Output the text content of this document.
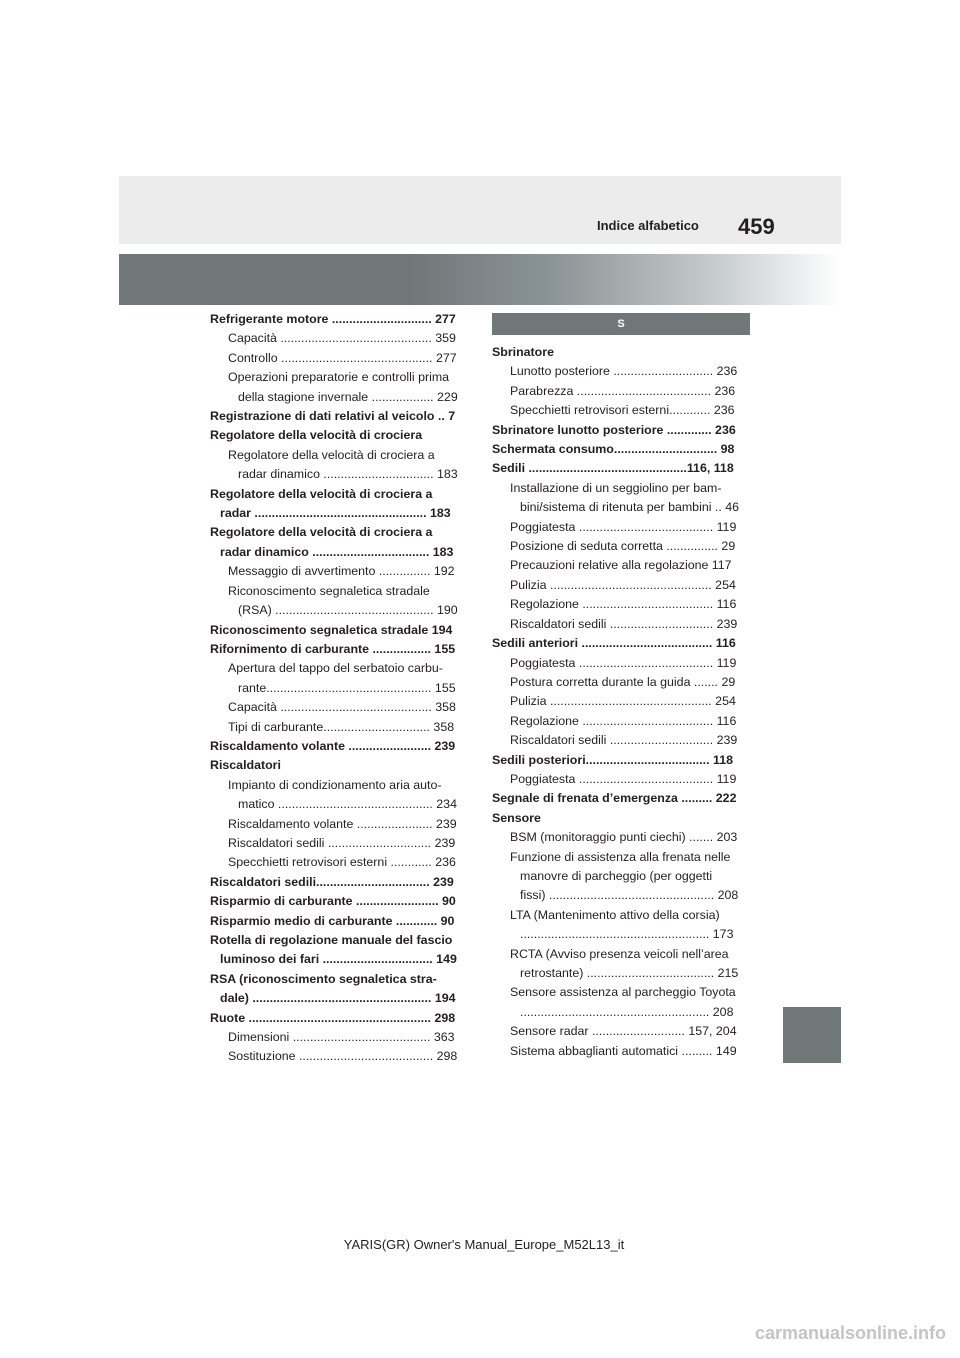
Indice alfabetico 459
Refrigerante motore ............................. 277
Capacità ............................................ 359
Controllo ............................................ 277
Operazioni preparatorie e controlli prima
della stagione invernale .................. 229
Registrazione di dati relativi al veicolo .. 7
Regolatore della velocità di crociera
Regolatore della velocità di crociera a
radar dinamico ................................ 183
Regolatore della velocità di crociera a
radar .................................................. 183
Regolatore della velocità di crociera a
radar dinamico .................................. 183
Messaggio di avvertimento ............... 192
Riconoscimento segnaletica stradale
(RSA) .............................................. 190
Riconoscimento segnaletica stradale 194
Rifornimento di carburante ................. 155
Apertura del tappo del serbatoio carbu-
rante................................................ 155
Capacità ............................................ 358
Tipi di carburante............................... 358
Riscaldamento volante ........................ 239
Riscaldatori
Impianto di condizionamento aria auto-
matico ............................................. 234
Riscaldamento volante ...................... 239
Riscaldatori sedili .............................. 239
Specchietti retrovisori esterni ............ 236
Riscaldatori sedili................................. 239
Risparmio di carburante ........................ 90
Risparmio medio di carburante ............ 90
Rotella di regolazione manuale del fascio
luminoso dei fari ................................ 149
RSA (riconoscimento segnaletica stra-
dale) .................................................... 194
Ruote ..................................................... 298
Dimensioni ........................................ 363
Sostituzione ....................................... 298
S
Sbrinatore
Lunotto posteriore ............................. 236
Parabrezza ....................................... 236
Specchietti retrovisori esterni............ 236
Sbrinatore lunotto posteriore ............. 236
Schermata consumo.............................. 98
Sedili ..............................................116, 118
Installazione di un seggiolino per bam-
bini/sistema di ritenuta per bambini .. 46
Poggiatesta ....................................... 119
Posizione di seduta corretta ............... 29
Precauzioni relative alla regolazione 117
Pulizia ............................................... 254
Regolazione ...................................... 116
Riscaldatori sedili .............................. 239
Sedili anteriori ...................................... 116
Poggiatesta ....................................... 119
Postura corretta durante la guida ....... 29
Pulizia ............................................... 254
Regolazione ...................................... 116
Riscaldatori sedili .............................. 239
Sedili posteriori.................................... 118
Poggiatesta ....................................... 119
Segnale di frenata d’emergenza ......... 222
Sensore
BSM (monitoraggio punti ciechi) ....... 203
Funzione di assistenza alla frenata nelle
manovre di parcheggio (per oggetti
fissi) ................................................ 208
LTA (Mantenimento attivo della corsia)
....................................................... 173
RCTA (Avviso presenza veicoli nell’area
retrostante) ..................................... 215
Sensore assistenza al parcheggio Toyota
....................................................... 208
Sensore radar ........................... 157, 204
Sistema abbaglianti automatici ......... 149
YARIS(GR) Owner's Manual_Europe_M52L13_it
carmanualsonline.info
